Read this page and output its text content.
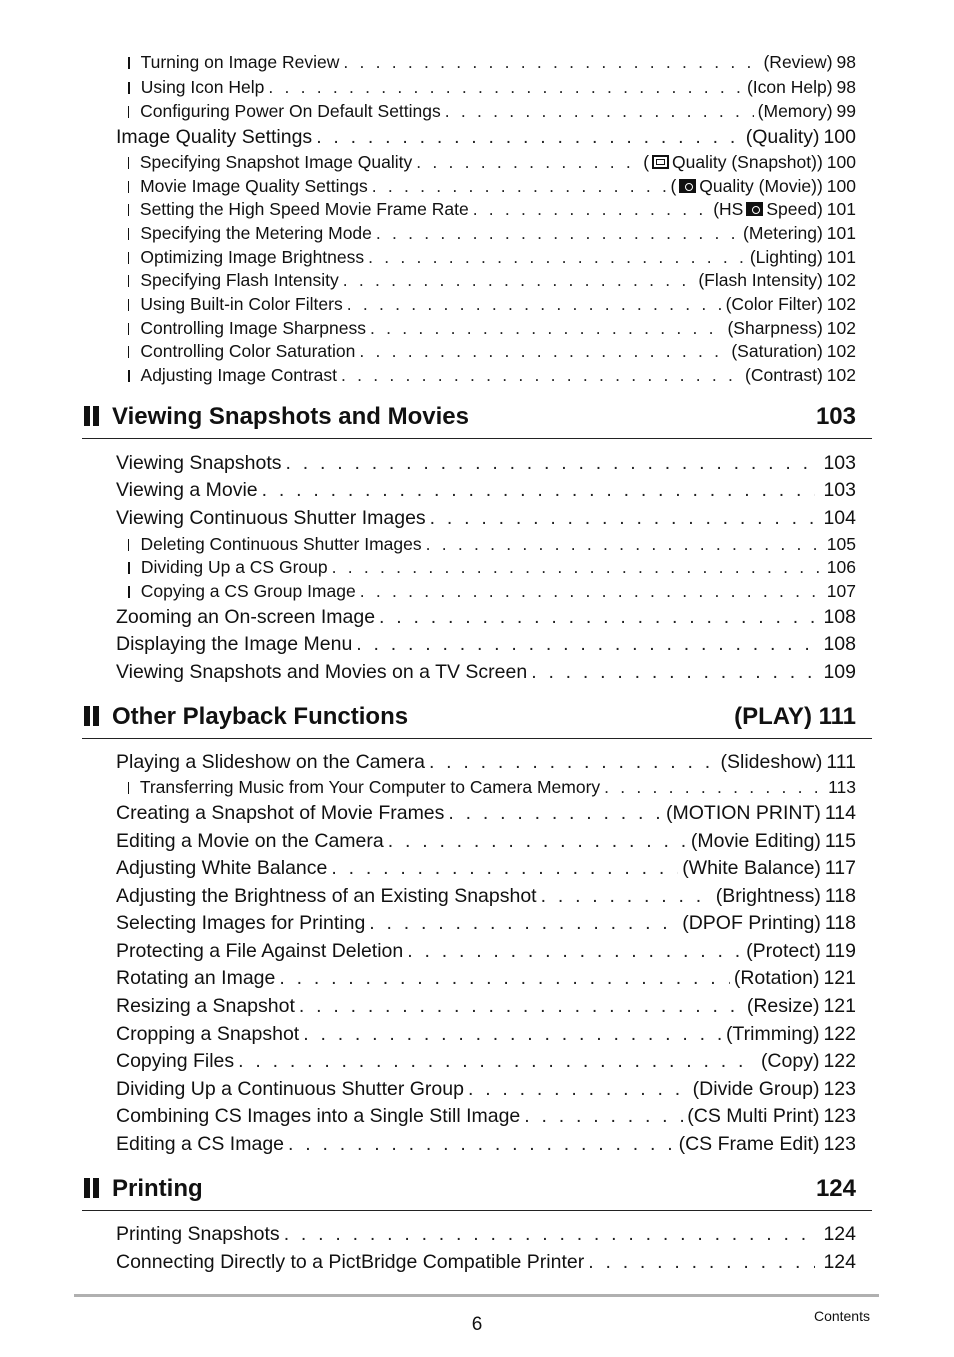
Turning on Image Review . . .	(Review) 98
Using Icon Help . . .	(Icon Help) 98
Configuring Power On Default Settings . . .	(Memory) 99
Image Quality Settings . . .	(Quality) 100
Specifying Snapshot Image Quality . . .	( Quality (Snapshot)) 100
Movie Image Quality Settings . . .	( Quality (Movie)) 100
Setting the High Speed Movie Frame Rate . . .	(HS Speed) 101
Specifying the Metering Mode . . .	(Metering) 101
Optimizing Image Brightness . . .	(Lighting) 101
Specifying Flash Intensity . . .	(Flash Intensity) 102
Using Built-in Color Filters . . .	(Color Filter) 102
Controlling Image Sharpness . . .	(Sharpness) 102
Controlling Color Saturation . . .	(Saturation) 102
Adjusting Image Contrast . . .	(Contrast) 102
Viewing Snapshots and Movies	103
Viewing Snapshots . . .	103
Viewing a Movie . . .	103
Viewing Continuous Shutter Images . . .	104
Deleting Continuous Shutter Images . . .	105
Dividing Up a CS Group . . .	106
Copying a CS Group Image . . .	107
Zooming an On-screen Image . . .	108
Displaying the Image Menu . . .	108
Viewing Snapshots and Movies on a TV Screen . . .	109
Other Playback Functions	(PLAY) 111
Playing a Slideshow on the Camera . . .	(Slideshow) 111
Transferring Music from Your Computer to Camera Memory . . .	113
Creating a Snapshot of Movie Frames . . .	(MOTION PRINT) 114
Editing a Movie on the Camera . . .	(Movie Editing) 115
Adjusting White Balance . . .	(White Balance) 117
Adjusting the Brightness of an Existing Snapshot . . .	(Brightness) 118
Selecting Images for Printing . . .	(DPOF Printing) 118
Protecting a File Against Deletion . . .	(Protect) 119
Rotating an Image . . .	(Rotation) 121
Resizing a Snapshot . . .	(Resize) 121
Cropping a Snapshot . . .	(Trimming) 122
Copying Files . . .	(Copy) 122
Dividing Up a Continuous Shutter Group . . .	(Divide Group) 123
Combining CS Images into a Single Still Image . . .	(CS Multi Print) 123
Editing a CS Image . . .	(CS Frame Edit) 123
Printing	124
Printing Snapshots . . .	124
Connecting Directly to a PictBridge Compatible Printer . . .	124
6	Contents
